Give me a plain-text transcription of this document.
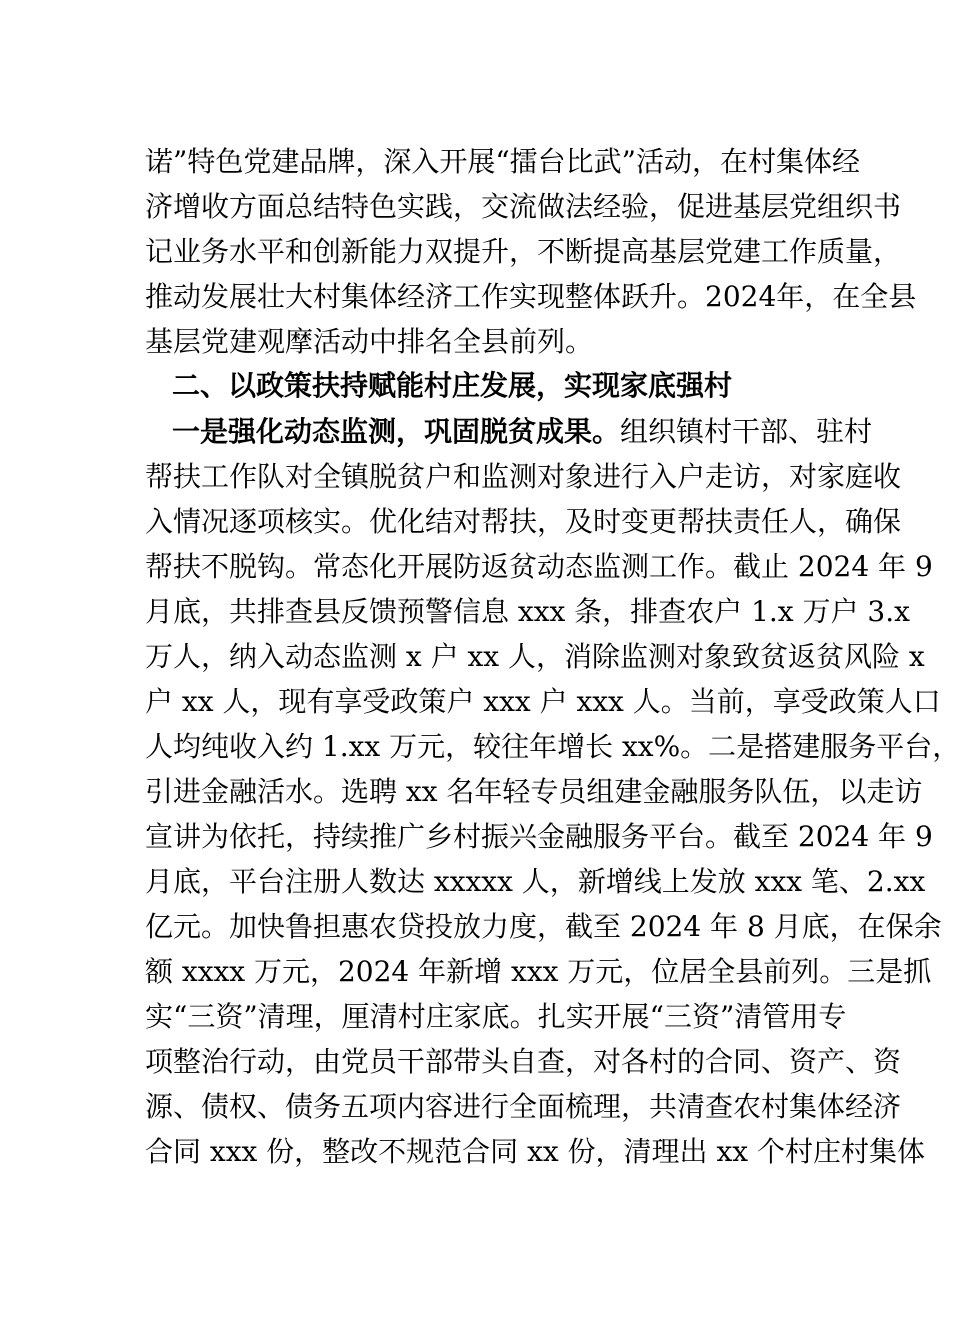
诺”特色党建品牌，深入开展“擂台比武”活动，在村集体经
济增收方面总结特色实践，交流做法经验，促进基层党组织书
记业务水平和创新能力双提升，不断提高基层党建工作质量，
推动发展壮大村集体经济工作实现整体跃升。2024年，在全县
基层党建观摩活动中排名全县前列。
二、以政策扶持赋能村庄发展，实现家底强村
一是强化动态监测，巩固脱贫成果。组织镇村干部、驻村
帮扶工作队对全镇脱贫户和监测对象进行入户走访，对家庭收
入情况逐项核实。优化结对帮扶，及时变更帮扶责任人，确保
帮扶不脱钩。常态化开展防返贫动态监测工作。截止 2024 年 9
月底，共排查县反馈预警信息 xxx 条，排查农户 1.x 万户 3.x
万人，纳入动态监测 x 户 xx 人，消除监测对象致贫返贫风险 x
户 xx 人，现有享受政策户 xxx 户 xxx 人。当前，享受政策人口
人均纯收入约 1.xx 万元，较往年增长 xx%。二是搭建服务平台，
引进金融活水。选聘 xx 名年轻专员组建金融服务队伍，以走访
宣讲为依托，持续推广乡村振兴金融服务平台。截至 2024 年 9
月底，平台注册人数达 xxxxx 人，新增线上发放 xxx 笔、2.xx
亿元。加快鲁担惠农贷投放力度，截至 2024 年 8 月底，在保余
额 xxxx 万元，2024 年新增 xxx 万元，位居全县前列。三是抓
实“三资”清理，厘清村庄家底。扎实开展“三资”清管用专
项整治行动，由党员干部带头自查，对各村的合同、资产、资
源、债权、债务五项内容进行全面梳理，共清查农村集体经济
合同 xxx 份，整改不规范合同 xx 份，清理出 xx 个村庄村集体
